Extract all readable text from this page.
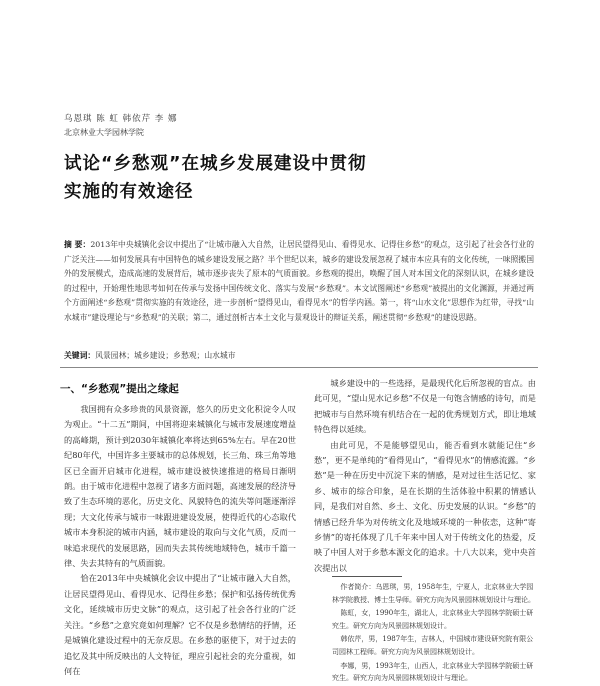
乌恩琪 陈 虹 韩依芹 李 娜
北京林业大学园林学院
试论“乡愁观”在城乡发展建设中贯彻
实施的有效途径
摘 要：2013年中央城镇化会议中提出了“让城市融入大自然，让居民望得见山、看得见水、记得住乡愁”的观点，这引起了社会各行业的广泛关注——如何发展具有中国特色的城乡建设发展之路？半个世纪以来，城乡的建设发展忽视了城市本应具有的文化传统，一味照搬国外的发展模式，造成高速的发展背后，城市逐步丧失了原本的气质面貌。乡愁观的提出，唤醒了国人对本国文化的深刻认识，在城乡建设的过程中，开始理性地思考如何在传承与发扬中国传统文化、落实与发展“乡愁观”。本文试图阐述“乡愁观”被提出的文化渊源，并通过两个方面阐述“乡愁观”贯彻实施的有效途径，进一步剖析“望得见山，看得见水”的哲学内涵。第一，将“山水文化”思想作为红带，寻找“山水城市”建设理论与“乡愁观”的关联；第二，通过剖析古本土文化与景观设计的辩证关系，阐述贯彻“乡愁观”的建设思路。
关键词：风景园林；城乡建设；乡愁观；山水城市
一、“乡愁观”提出之缘起

我国拥有众多珍贵的风景资源，悠久的历史文化积淀令人叹为观止。“十二五”期间，中国将迎来城镇化与城市发展速度增益的高峰期，预计到2030年城镇化率将达到65%左右。早在20世纪80年代，中国许多主要城市的总体规划，长三角、珠三角等地区已全面开启城市化进程，城市建设被快速推进的格局日渐明朗。由于城市化进程中忽视了诸多方面问题，高速发展的经济导致了生态环境的恶化，历史文化、风貌特色的流失等问题逐渐浮现；大文化传承与城市一味跟进建设发展，使得近代的心态取代城市本身积淀的城市内涵，城市建设的取向与文化气质，反而一味追求现代的发展思路，因而失去其传统地域特色，城市千篇一律、失去其特有的气质面貌。

恰在2013年中央城镇化会议中提出了“让城市融入大自然，让居民望得见山、看得见水、记得住乡愁；保护和弘扬传统优秀文化，延续城市历史文脉”的观点，这引起了社会各行业的广泛关注。“乡愁”之意究竟如何理解？它不仅是乡愁情结的抒情，还是城镇化建设过程中的无奈反思。在乡愁的驱使下，对于过去的追忆及其中所反映出的人文特征，理应引起社会的充分重视，如何在

城乡建设中的一些选择，是最现代化后所忽视的盲点。由此可见，“望山见水记乡愁”不仅是一句饱含情感的诗句，而是把城市与自然环境有机结合在一起的优秀规划方式，即让地域特色得以延续。

由此可见，不是能够望见山，能否看到水就能记住“乡愁”，更不是单纯的“看得见山”，“看得见水”的情感流露。“乡愁”是一种在历史中沉淀下来的情感，是对过往生活记忆、家乡、城市的综合印象，是在长期的生活体验中积累的情感认同，是我们对自然、乡土、文化、历史发展的认识。“乡愁”的情感已经升华为对传统文化及地域环境的一种依恋，这种“寄乡情”的寄托体现了几千年来中国人对于传统文化的热爱，反映了中国人对于乡愁本源文化的追求。十八大以来，党中央首次提出以

作者简介：乌恩琪，男，1958年生，宁夏人，北京林业大学园林学院教授、博士生导师。研究方向为风景园林规划设计与理论。

陈虹，女，1990年生，湖北人，北京林业大学园林学院硕士研究生。研究方向为风景园林规划设计。

韩依芹，男，1987年生，吉林人，中国城市建设研究院有限公司园林工程师。研究方向为风景园林规划设计。

李娜，男，1993年生，山西人，北京林业大学园林学院硕士研究生。研究方向为风景园林规划设计与理论。
